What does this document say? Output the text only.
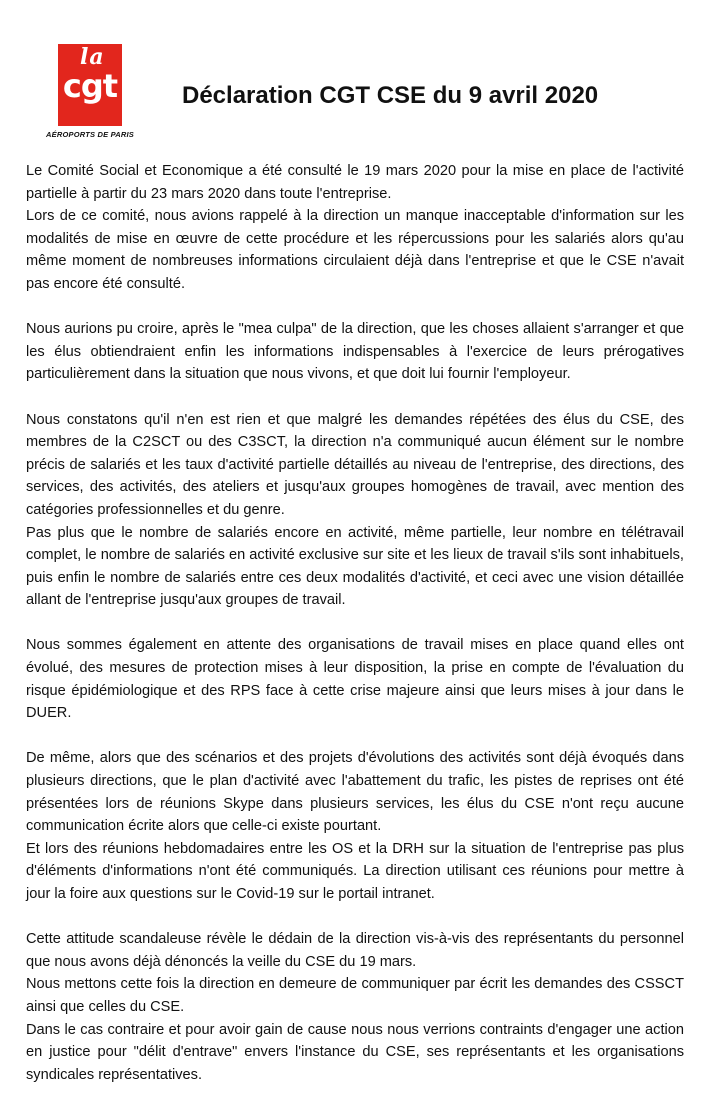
la
cgt
AÉROPORTS DE PARIS
Déclaration CGT CSE du 9 avril 2020

Le Comité Social et Economique a été consulté le 19 mars 2020 pour la mise en place de l'activité partielle à partir du 23 mars 2020 dans toute l'entreprise.

Lors de ce comité, nous avions rappelé à la direction un manque inacceptable d'information sur les modalités de mise en œuvre de cette procédure et les répercussions pour les salariés alors qu'au même moment de nombreuses informations circulaient déjà dans l'entreprise et que le CSE n'avait pas encore été consulté.

Nous aurions pu croire, après le "mea culpa" de la direction, que les choses allaient s'arranger et que les élus obtiendraient enfin les informations indispensables à l'exercice de leurs prérogatives particulièrement dans la situation que nous vivons, et que doit lui fournir l'employeur.

Nous constatons qu'il n'en est rien et que malgré les demandes répétées des élus du CSE, des membres de la C2SCT ou des C3SCT, la direction n'a communiqué aucun élément sur le nombre précis de salariés et les taux d'activité partielle détaillés au niveau de l'entreprise, des directions, des services, des activités, des ateliers et jusqu'aux groupes homogènes de travail, avec mention des catégories professionnelles et du genre.

Pas plus que le nombre de salariés encore en activité, même partielle, leur nombre en télétravail complet, le nombre de salariés en activité exclusive sur site et les lieux de travail s'ils sont inhabituels, puis enfin le nombre de salariés entre ces deux modalités d'activité, et ceci avec une vision détaillée allant de l'entreprise jusqu'aux groupes de travail.

Nous sommes également en attente des organisations de travail mises en place quand elles ont évolué, des mesures de protection mises à leur disposition, la prise en compte de l'évaluation du risque épidémiologique et des RPS face à cette crise majeure ainsi que leurs mises à jour dans le DUER.

De même, alors que des scénarios et des projets d'évolutions des activités sont déjà évoqués dans plusieurs directions, que le plan d'activité avec l'abattement du trafic, les pistes de reprises ont été présentées lors de réunions Skype dans plusieurs services, les élus du CSE n'ont reçu aucune communication écrite alors que celle-ci existe pourtant.

Et lors des réunions hebdomadaires entre les OS et la DRH sur la situation de l'entreprise pas plus d'éléments d'informations n'ont été communiqués. La direction utilisant ces réunions pour mettre à jour la foire aux questions sur le Covid-19 sur le portail intranet.

Cette attitude scandaleuse révèle le dédain de la direction vis-à-vis des représentants du personnel que nous avons déjà dénoncés la veille du CSE du 19 mars.

Nous mettons cette fois la direction en demeure de communiquer par écrit les demandes des CSSCT ainsi que celles du CSE.

Dans le cas contraire et pour avoir gain de cause nous nous verrions contraints d'engager une action en justice pour "délit d'entrave" envers l'instance du CSE, ses représentants et les organisations syndicales représentatives.
